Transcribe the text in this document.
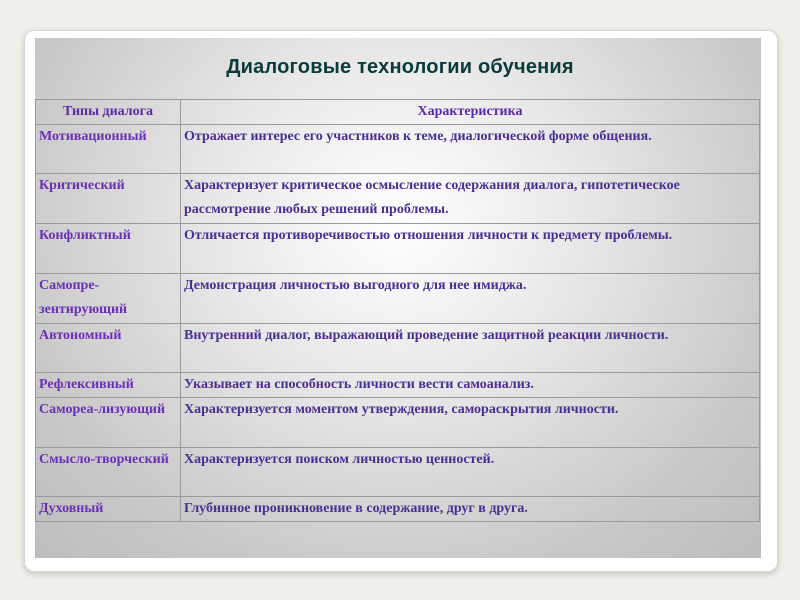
Диалоговые технологии обучения
Типы диалога	Характеристика
Мотивационный	Отражает интерес его участников к теме, диалогической форме общения.
Критический	Характеризует критическое осмысление содержания диалога, гипотетическое рассмотрение любых решений проблемы.
Конфликтный	Отличается противоречивостью отношения личности к предмету проблемы.
Самопре-зентирующий	Демонстрация личностью выгодного для нее имиджа.
Автономный	Внутренний диалог, выражающий проведение защитной реакции личности.
Рефлексивный	Указывает на способность личности вести самоанализ.
Самореа-лизующий	Характеризуется моментом утверждения, самораскрытия личности.
Смысло-творческий	Характеризуется поиском личностью ценностей.
Духовный	Глубинное проникновение в содержание, друг в друга.
